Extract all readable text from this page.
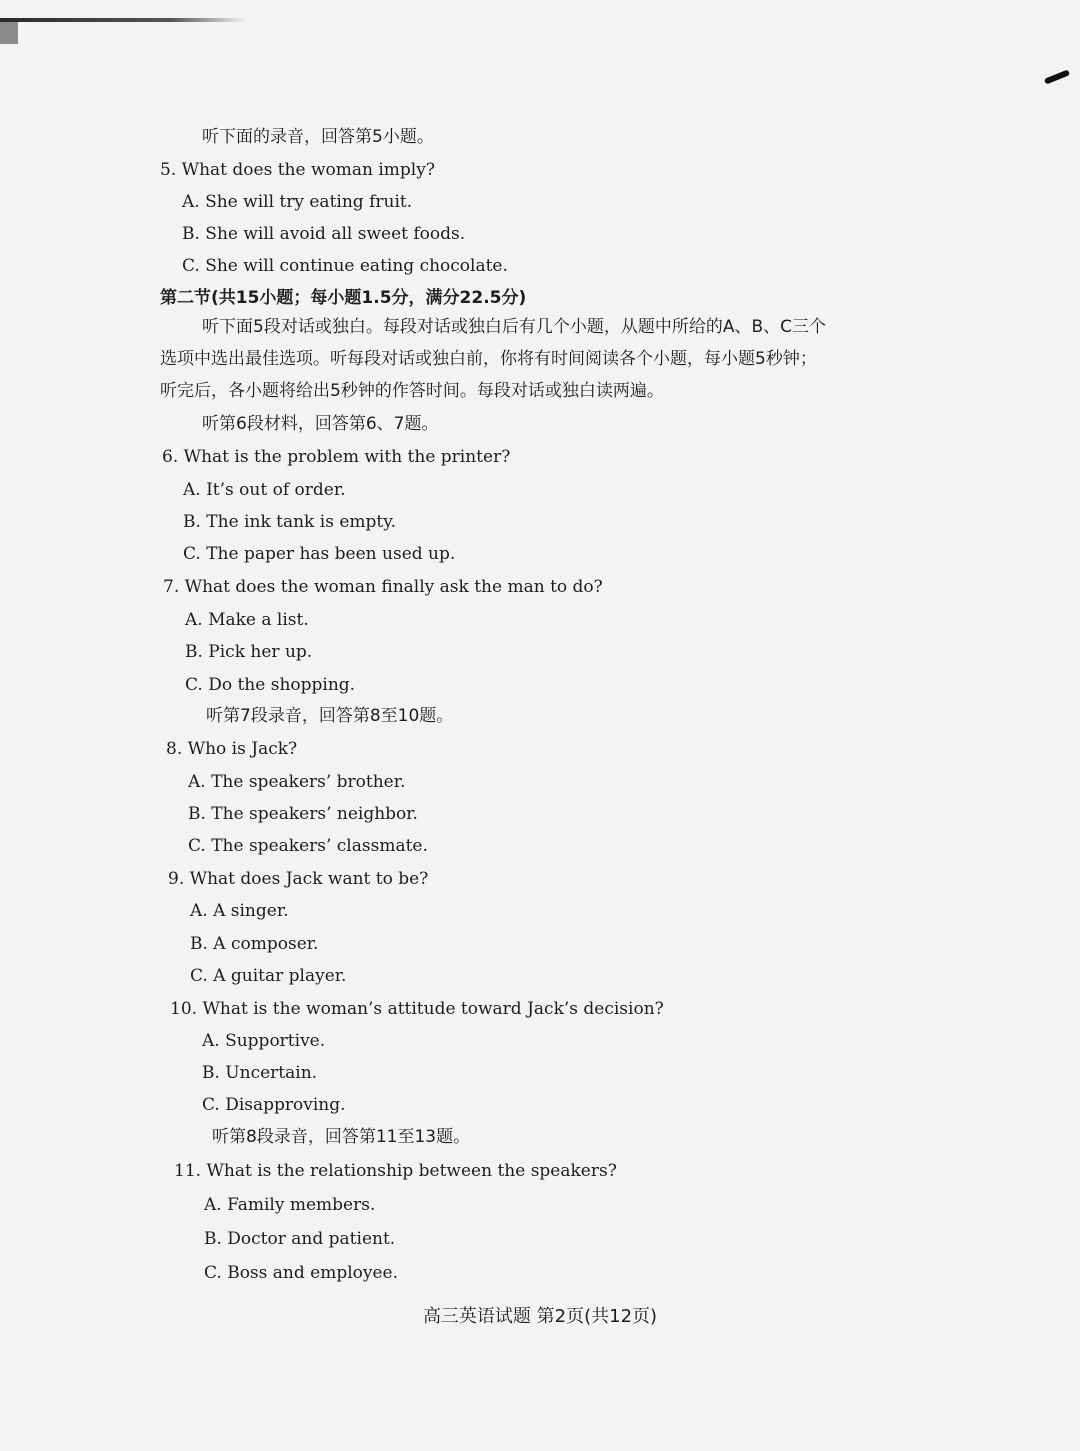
听下面的录音，回答第5小题。
5. What does the woman imply?
A. She will try eating fruit.
B. She will avoid all sweet foods.
C. She will continue eating chocolate.
第二节(共15小题；每小题1.5分，满分22.5分)
听下面5段对话或独白。每段对话或独白后有几个小题，从题中所给的A、B、C三个
选项中选出最佳选项。听每段对话或独白前，你将有时间阅读各个小题，每小题5秒钟；
听完后，各小题将给出5秒钟的作答时间。每段对话或独白读两遍。
听第6段材料，回答第6、7题。
6. What is the problem with the printer?
A. It’s out of order.
B. The ink tank is empty.
C. The paper has been used up.
7. What does the woman finally ask the man to do?
A. Make a list.
B. Pick her up.
C. Do the shopping.
听第7段录音，回答第8至10题。
8. Who is Jack?
A. The speakers’ brother.
B. The speakers’ neighbor.
C. The speakers’ classmate.
9. What does Jack want to be?
A. A singer.
B. A composer.
C. A guitar player.
10. What is the woman’s attitude toward Jack’s decision?
A. Supportive.
B. Uncertain.
C. Disapproving.
听第8段录音，回答第11至13题。
11. What is the relationship between the speakers?
A. Family members.
B. Doctor and patient.
C. Boss and employee.
高三英语试题 第2页(共12页)
